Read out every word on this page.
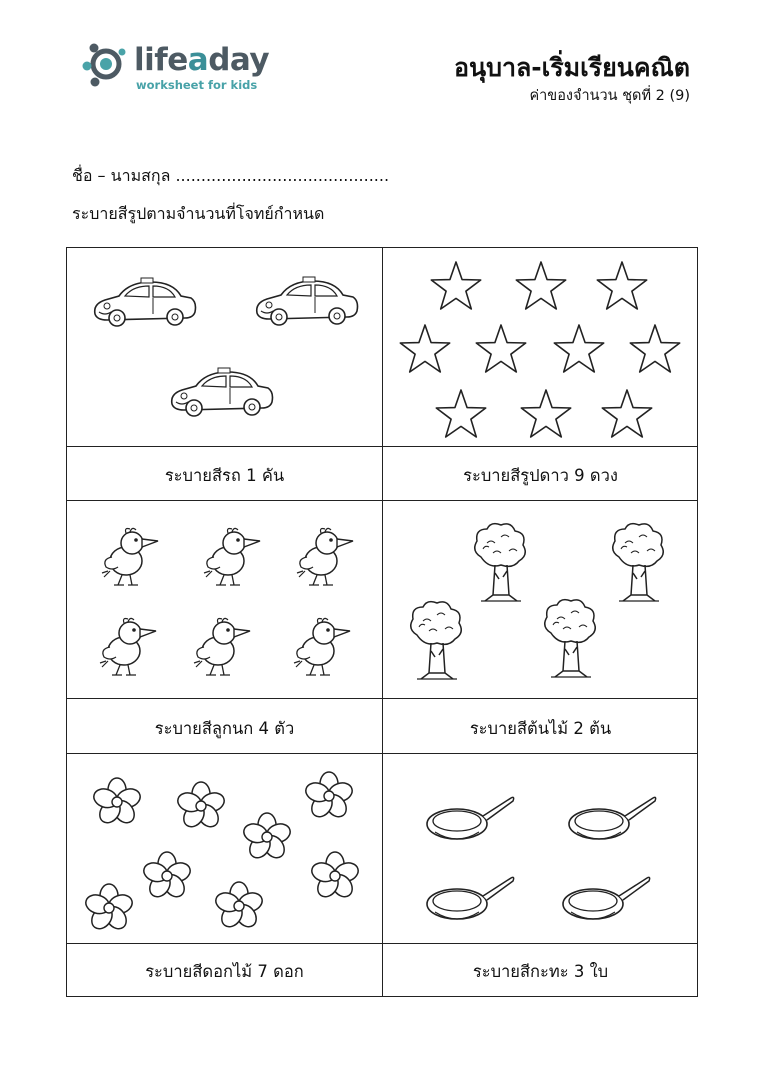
lifeaday
worksheet for kids
อนุบาล-เริ่มเรียนคณิต
ค่าของจำนวน ชุดที่ 2 (9)
ชื่อ – นามสกุล ..........................................
ระบายสีรูปตามจำนวนที่โจทย์กำหนด
ระบายสีรถ 1 คัน	ระบายสีรูปดาว 9 ดวง
ระบายสีลูกนก 4 ตัว	ระบายสีต้นไม้ 2 ต้น
ระบายสีดอกไม้ 7 ดอก	ระบายสีกะทะ 3 ใบ
